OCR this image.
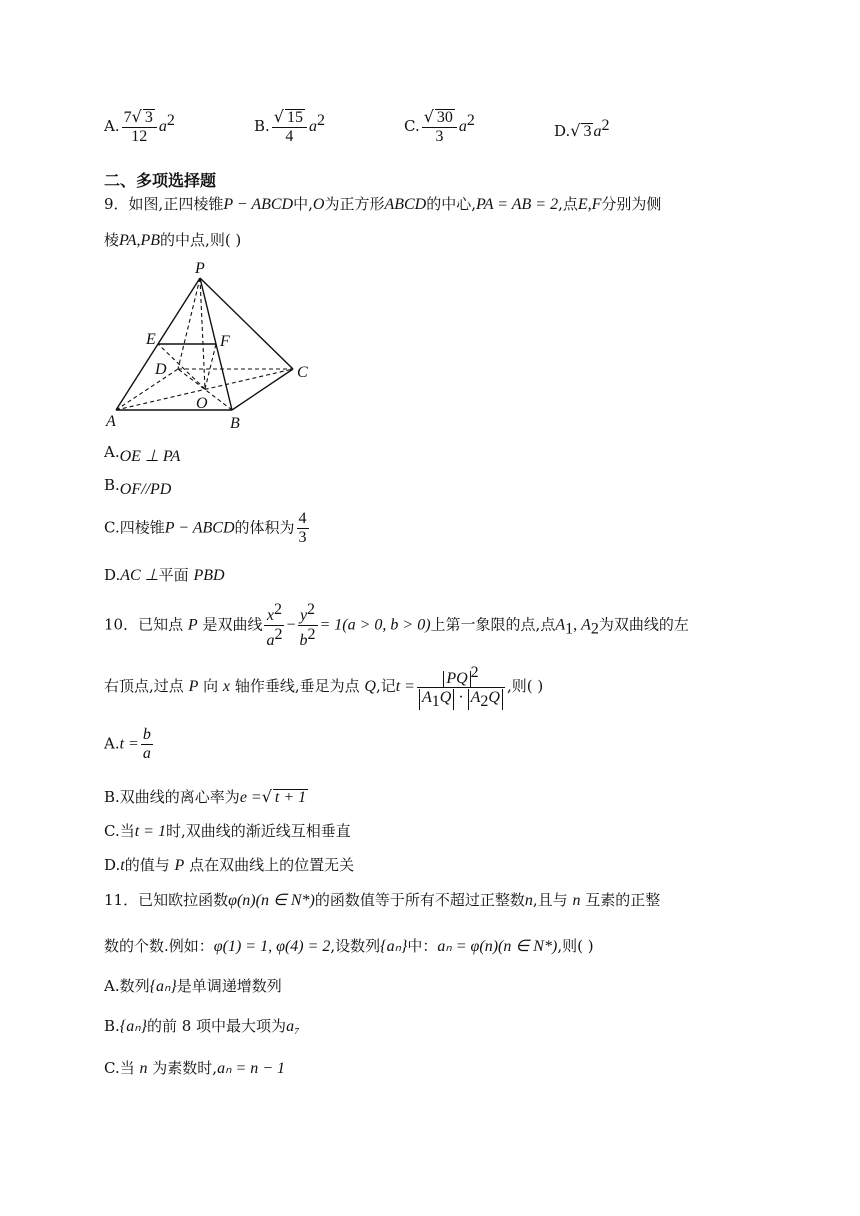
A. $\frac{7√ 3}{12} a^2$	B. $\frac{√ 15}{4} a^2$	C. $\frac{√ 30}{3} a^2$
D.√ 3 $a^2$
二、多项选择题
9．如图,正四棱锥P − ABCD中,O为正方形ABCD的中心,PA = AB = 2,点E,F分别为侧
棱PA,PB的中点,则( )
P
E	F
D	C
O
A	B
A.OE ⊥ PA
B.OF//PD
C.四棱锥P − ABCD的体积为 $\frac{4}{3}$
D.AC ⊥平面 PBD
10．已知点 P 是双曲线 $\frac{x^2}{a^2} - \frac{y^2}{b^2} = 1(a > 0$, b > 0)上第一象限的点,点$A_1$, $A_2$为双曲线的左
右顶点,过点 P 向 x 轴作垂线,垂足为点 Q,记$t = \frac{PQ ^2}{A_1Q \cdot A_2Q}$ ,则( )
$A.t = \frac{b}{a}$
B.双曲线的离心率为e =√ t + 1
C.当t = 1时,双曲线的渐近线互相垂直
D.t的值与 P 点在双曲线上的位置无关
11．已知欧拉函数φ(n)(n ∈ N*)的函数值等于所有不超过正整数n,且与 n 互素的正整
数的个数.例如：φ(1) = 1, φ(4) = 2,设数列{aₙ}中：aₙ = φ(n)(n ∈ N*),则( )
A.数列{aₙ}是单调递增数列
B.{aₙ}的前 8 项中最大项为a₇
C.当 n 为素数时,aₙ = n − 1
